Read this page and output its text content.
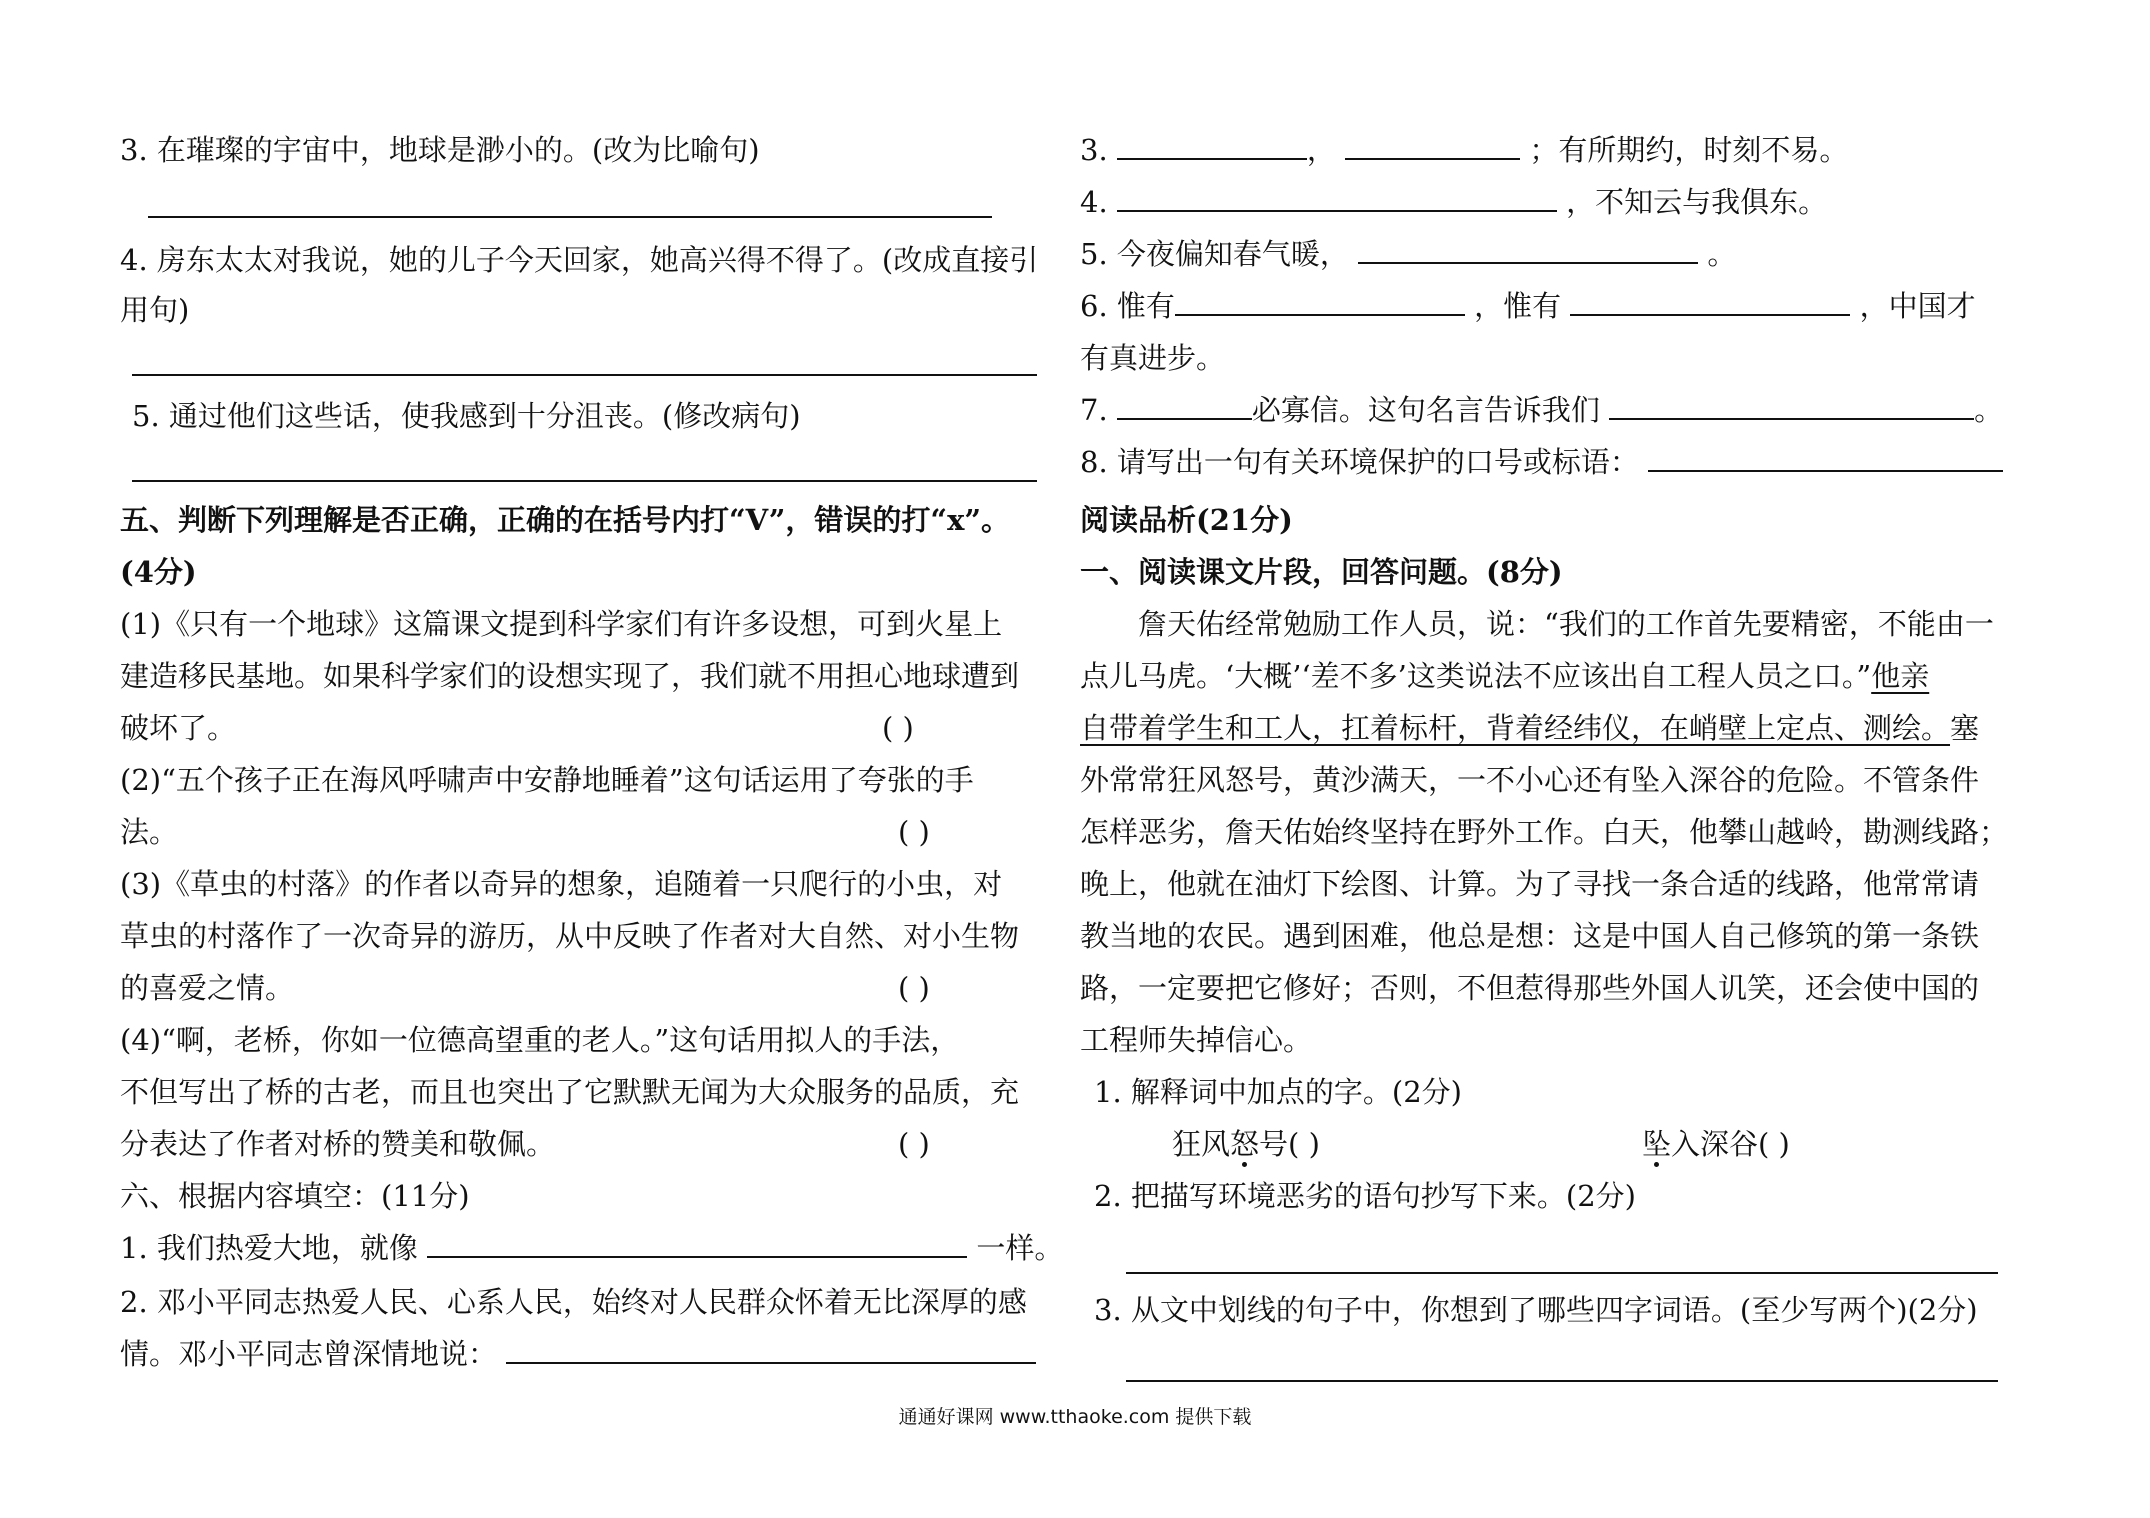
3. 在璀璨的宇宙中，地球是渺小的。(改为比喻句)
4. 房东太太对我说，她的儿子今天回家，她高兴得不得了。(改成直接引
用句)
5. 通过他们这些话，使我感到十分沮丧。(修改病句)
五、判断下列理解是否正确，正确的在括号内打“V”，错误的打“x”。
(4分)
(1)《只有一个地球》这篇课文提到科学家们有许多设想，可到火星上
建造移民基地。如果科学家们的设想实现了，我们就不用担心地球遭到
破坏了。	( )
(2)“五个孩子正在海风呼啸声中安静地睡着”这句话运用了夸张的手
法。	( )
(3)《草虫的村落》的作者以奇异的想象，追随着一只爬行的小虫，对
草虫的村落作了一次奇异的游历，从中反映了作者对大自然、对小生物
的喜爱之情。	( )
(4)“啊，老桥，你如一位德高望重的老人。”这句话用拟人的手法，
不但写出了桥的古老，而且也突出了它默默无闻为大众服务的品质，充
分表达了作者对桥的赞美和敬佩。	( )
六、根据内容填空：(11分)
1. 我们热爱大地，就像	一样。
2. 邓小平同志热爱人民、心系人民，始终对人民群众怀着无比深厚的感
情。邓小平同志曾深情地说：
3.	，	；有所期约，时刻不易。
4.	，不知云与我俱东。
5. 今夜偏知春气暖，	。
6. 惟有	，惟有	，中国才
有真进步。
7.	必寡信。这句名言告诉我们	。
8. 请写出一句有关环境保护的口号或标语：
阅读品析(21分)
一、阅读课文片段，回答问题。(8分)
詹天佑经常勉励工作人员，说：“我们的工作首先要精密，不能由一
点儿马虎。‘大概’‘差不多’这类说法不应该出自工程人员之口。”他亲
自带着学生和工人，扛着标杆，背着经纬仪，在峭壁上定点、测绘。塞
外常常狂风怒号，黄沙满天，一不小心还有坠入深谷的危险。不管条件
怎样恶劣，詹天佑始终坚持在野外工作。白天，他攀山越岭，勘测线路；
晚上，他就在油灯下绘图、计算。为了寻找一条合适的线路，他常常请
教当地的农民。遇到困难，他总是想：这是中国人自己修筑的第一条铁
路，一定要把它修好；否则，不但惹得那些外国人讥笑，还会使中国的
工程师失掉信心。
1. 解释词中加点的字。(2分)
狂风怒号( )	坠入深谷( )
2. 把描写环境恶劣的语句抄写下来。(2分)
3. 从文中划线的句子中，你想到了哪些四字词语。(至少写两个)(2分)
通通好课网 www.tthaoke.com 提供下载
